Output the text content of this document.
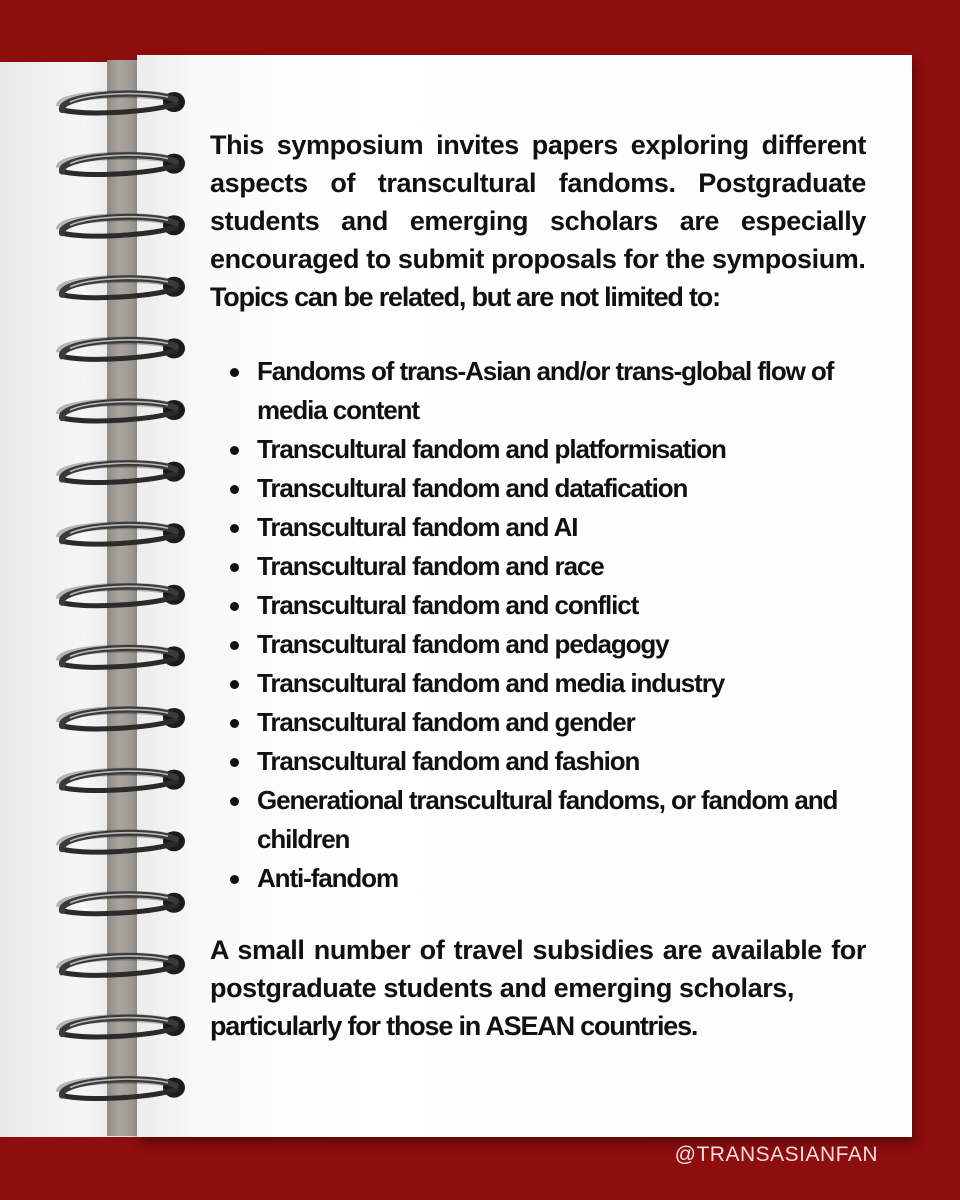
This symposium invites papers exploring different aspects of transcultural fandoms. Postgraduate students and emerging scholars are especially encouraged to submit proposals for the symposium.
Topics can be related, but are not limited to:

Fandoms of trans-Asian and/or trans-global flow of media content
Transcultural fandom and platformisation
Transcultural fandom and datafication
Transcultural fandom and AI
Transcultural fandom and race
Transcultural fandom and conflict
Transcultural fandom and pedagogy
Transcultural fandom and media industry
Transcultural fandom and gender
Transcultural fandom and fashion
Generational transcultural fandoms, or fandom and children
Anti-fandom

A small number of travel subsidies are available for postgraduate students and emerging scholars,
particularly for those in ASEAN countries.

@TRANSASIANFAN
